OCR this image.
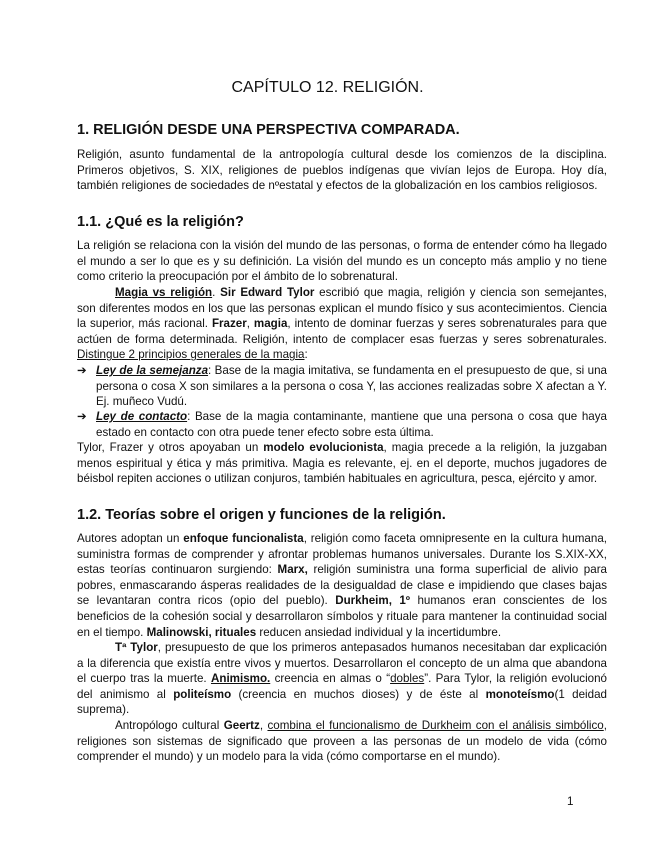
CAPÍTULO 12. RELIGIÓN.
1. RELIGIÓN DESDE UNA PERSPECTIVA COMPARADA.

Religión, asunto fundamental de la antropología cultural desde los comienzos de la disciplina. Primeros objetivos, S. XIX, religiones de pueblos indígenas que vivían lejos de Europa. Hoy día, también religiones de sociedades de nºestatal y efectos de la globalización en los cambios religiosos.

1.1. ¿Qué es la religión?

La religión se relaciona con la visión del mundo de las personas, o forma de entender cómo ha llegado el mundo a ser lo que es y su definición. La visión del mundo es un concepto más amplio y no tiene como criterio la preocupación por el ámbito de lo sobrenatural.

Magia vs religión. Sir Edward Tylor escribió que magia, religión y ciencia son semejantes, son diferentes modos en los que las personas explican el mundo físico y sus acontecimientos. Ciencia la superior, más racional. Frazer, magia, intento de dominar fuerzas y seres sobrenaturales para que actúen de forma determinada. Religión, intento de complacer esas fuerzas y seres sobrenaturales. Distingue 2 principios generales de la magia:

➔ Ley de la semejanza: Base de la magia imitativa, se fundamenta en el presupuesto de que, si una persona o cosa X son similares a la persona o cosa Y, las acciones realizadas sobre X afectan a Y. Ej. muñeco Vudú.
➔ Ley de contacto: Base de la magia contaminante, mantiene que una persona o cosa que haya estado en contacto con otra puede tener efecto sobre esta última.

Tylor, Frazer y otros apoyaban un modelo evolucionista, magia precede a la religión, la juzgaban menos espiritual y ética y más primitiva. Magia es relevante, ej. en el deporte, muchos jugadores de béisbol repiten acciones o utilizan conjuros, también habituales en agricultura, pesca, ejército y amor.

1.2. Teorías sobre el origen y funciones de la religión.

Autores adoptan un enfoque funcionalista, religión como faceta omnipresente en la cultura humana, suministra formas de comprender y afrontar problemas humanos universales. Durante los S.XIX-XX, estas teorías continuaron surgiendo: Marx, religión suministra una forma superficial de alivio para pobres, enmascarando ásperas realidades de la desigualdad de clase e impidiendo que clases bajas se levantaran contra ricos (opio del pueblo). Durkheim, 1º humanos eran conscientes de los beneficios de la cohesión social y desarrollaron símbolos y rituale para mantener la continuidad social en el tiempo. Malinowski, rituales reducen ansiedad individual y la incertidumbre.

Tª Tylor, presupuesto de que los primeros antepasados humanos necesitaban dar explicación a la diferencia que existía entre vivos y muertos. Desarrollaron el concepto de un alma que abandona el cuerpo tras la muerte. Animismo. creencia en almas o “dobles”. Para Tylor, la religión evolucionó del animismo al politeísmo (creencia en muchos dioses) y de éste al monoteísmo(1 deidad suprema).

Antropólogo cultural Geertz, combina el funcionalismo de Durkheim con el análisis simbólico, religiones son sistemas de significado que proveen a las personas de un modelo de vida (cómo comprender el mundo) y un modelo para la vida (cómo comportarse en el mundo).

1
